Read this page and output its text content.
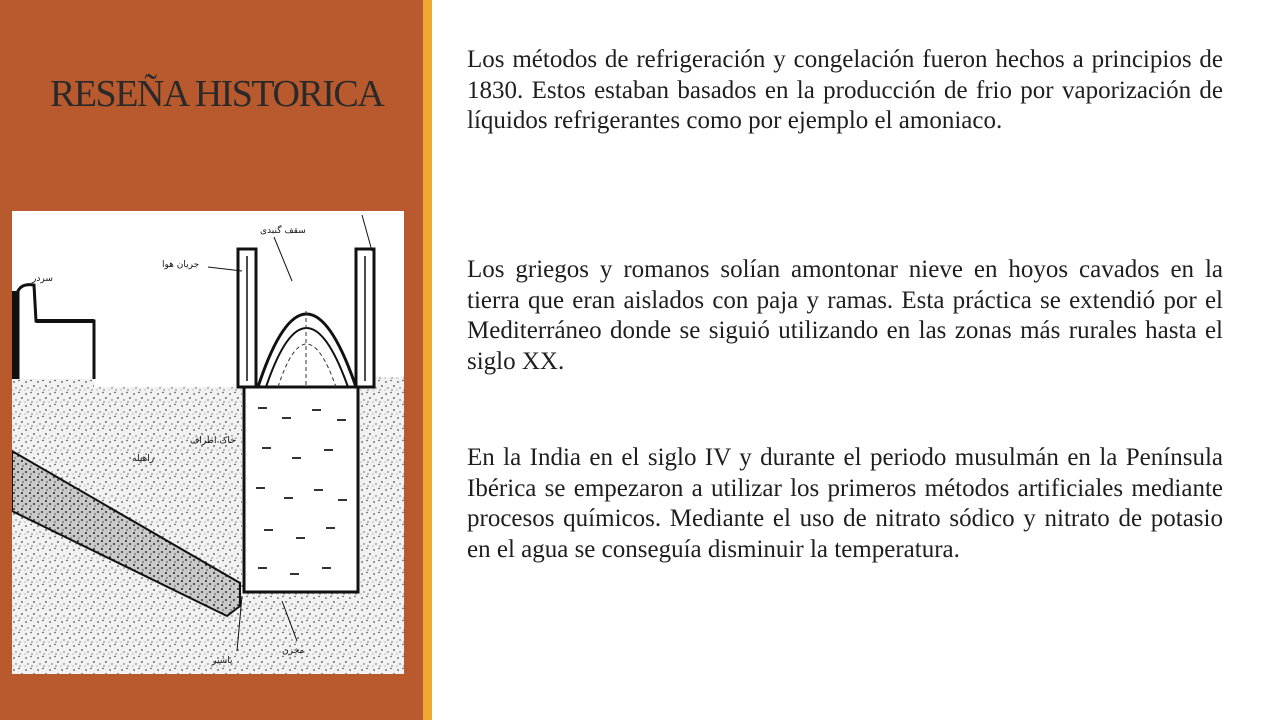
RESEÑA HISTORICA
سقف گنبدی
جریان هوا
سردر
خاک اطراف
راهپله
پاشیر
مخزن

Los métodos de refrigeración y congelación fueron hechos a principios de 1830. Estos estaban basados en la producción de frio por vaporización de líquidos refrigerantes como por ejemplo el amoniaco.

Los griegos y romanos solían amontonar nieve en hoyos cavados en la tierra que eran aislados con paja y ramas. Esta práctica se extendió por el Mediterráneo donde se siguió utilizando en las zonas más rurales hasta el siglo XX.

En la India en el siglo IV y durante el periodo musulmán en la Península Ibérica se empezaron a utilizar los primeros métodos artificiales mediante procesos químicos. Mediante el uso de nitrato sódico y nitrato de potasio en el agua se conseguía disminuir la temperatura.
